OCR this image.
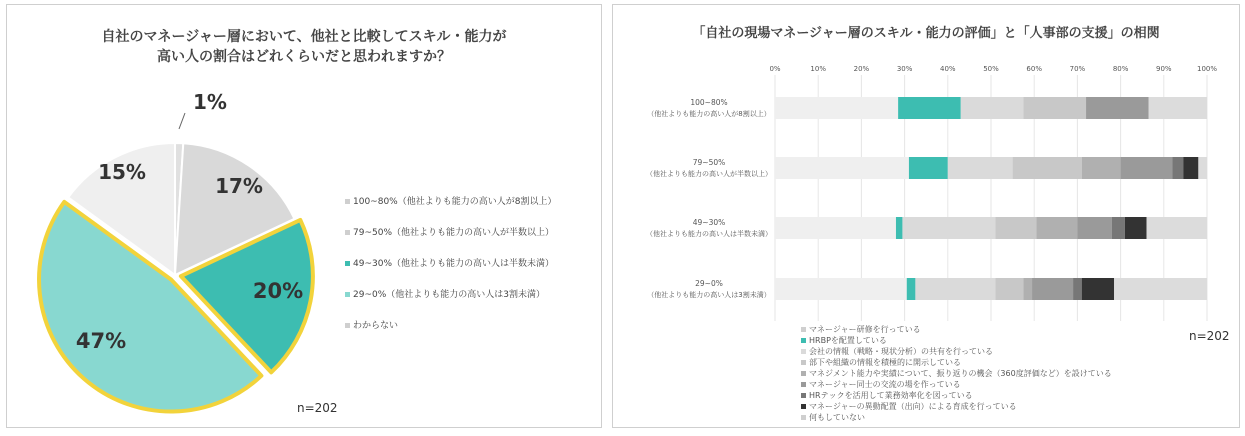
自社のマネージャー層において、他社と比較してスキル・能力が
高い人の割合はどれくらいだと思われますか？
1%
17%
20%
47%
15%
100~80%（他社よりも能力の高い人が8割以上）
79~50%（他社よりも能力の高い人が半数以上）
49~30%（他社よりも能力の高い人は半数未満）
29~0%（他社よりも能力の高い人は3割未満）
わからない
n=202
「自社の現場マネージャー層のスキル・能力の評価」と「人事部の支援」の相関
0%	10%	20%	30%	40%	50%	60%	70%	80%	90%	100%
100~80%
（他社よりも能力の高い人が8割以上）
79~50%
（他社よりも能力の高い人が半数以上）
49~30%
（他社よりも能力の高い人は半数未満）
29~0%
（他社よりも能力の高い人は3割未満）
マネージャー研修を行っている
HRBPを配置している
会社の情報（戦略・現状分析）の共有を行っている
部下や組織の情報を積極的に開示している
マネジメント能力や実績について、振り返りの機会（360度評価など）を設けている
マネージャー同士の交流の場を作っている
HRテックを活用して業務効率化を図っている
マネージャーの異動配置（出向）による育成を行っている
何もしていない
n=202
